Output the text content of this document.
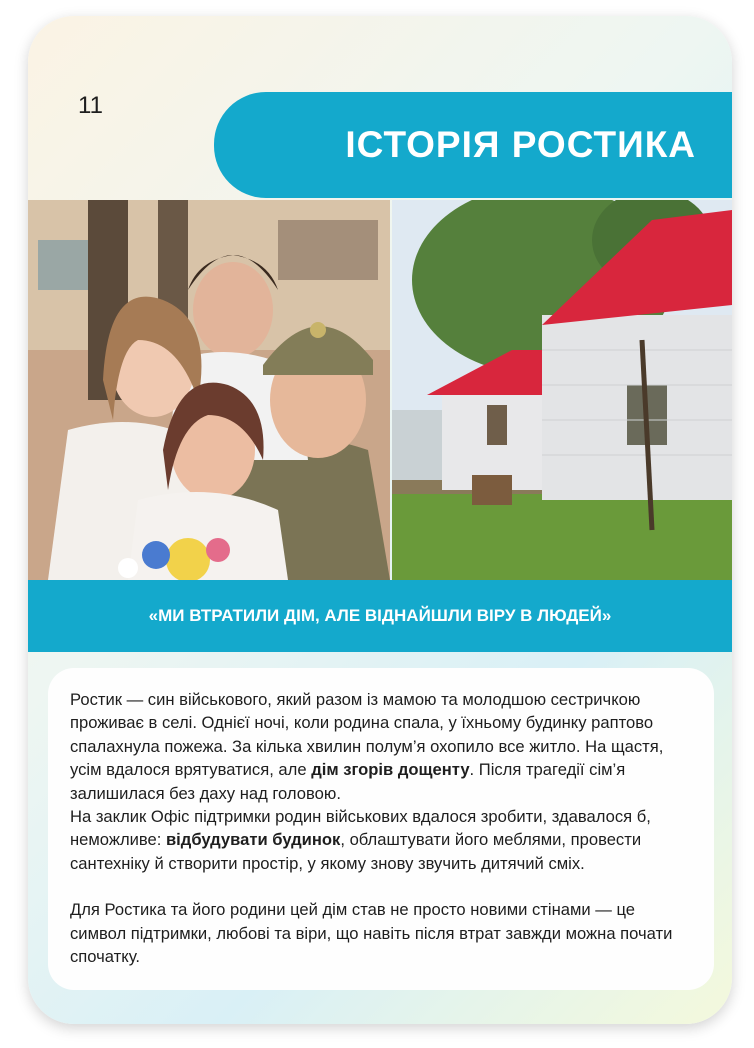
11
ІСТОРІЯ РОСТИКА
«МИ ВТРАТИЛИ ДІМ, АЛЕ ВІДНАЙШЛИ ВІРУ В ЛЮДЕЙ»

Ростик — син військового, який разом із мамою та молодшою сестричкою проживає в селі. Однієї ночі, коли родина спала, у їхньому будинку раптово спалахнула пожежа. За кілька хвилин полум’я охопило все житло. На щастя, усім вдалося врятуватися, але дім згорів дощенту. Після трагедії сім’я залишилася без даху над головою.

На заклик Офіс підтримки родин військових вдалося зробити, здавалося б, неможливе: відбудувати будинок, облаштувати його меблями, провести сантехніку й створити простір, у якому знову звучить дитячий сміх.

Для Ростика та його родини цей дім став не просто новими стінами — це символ підтримки, любові та віри, що навіть після втрат завжди можна почати спочатку.
